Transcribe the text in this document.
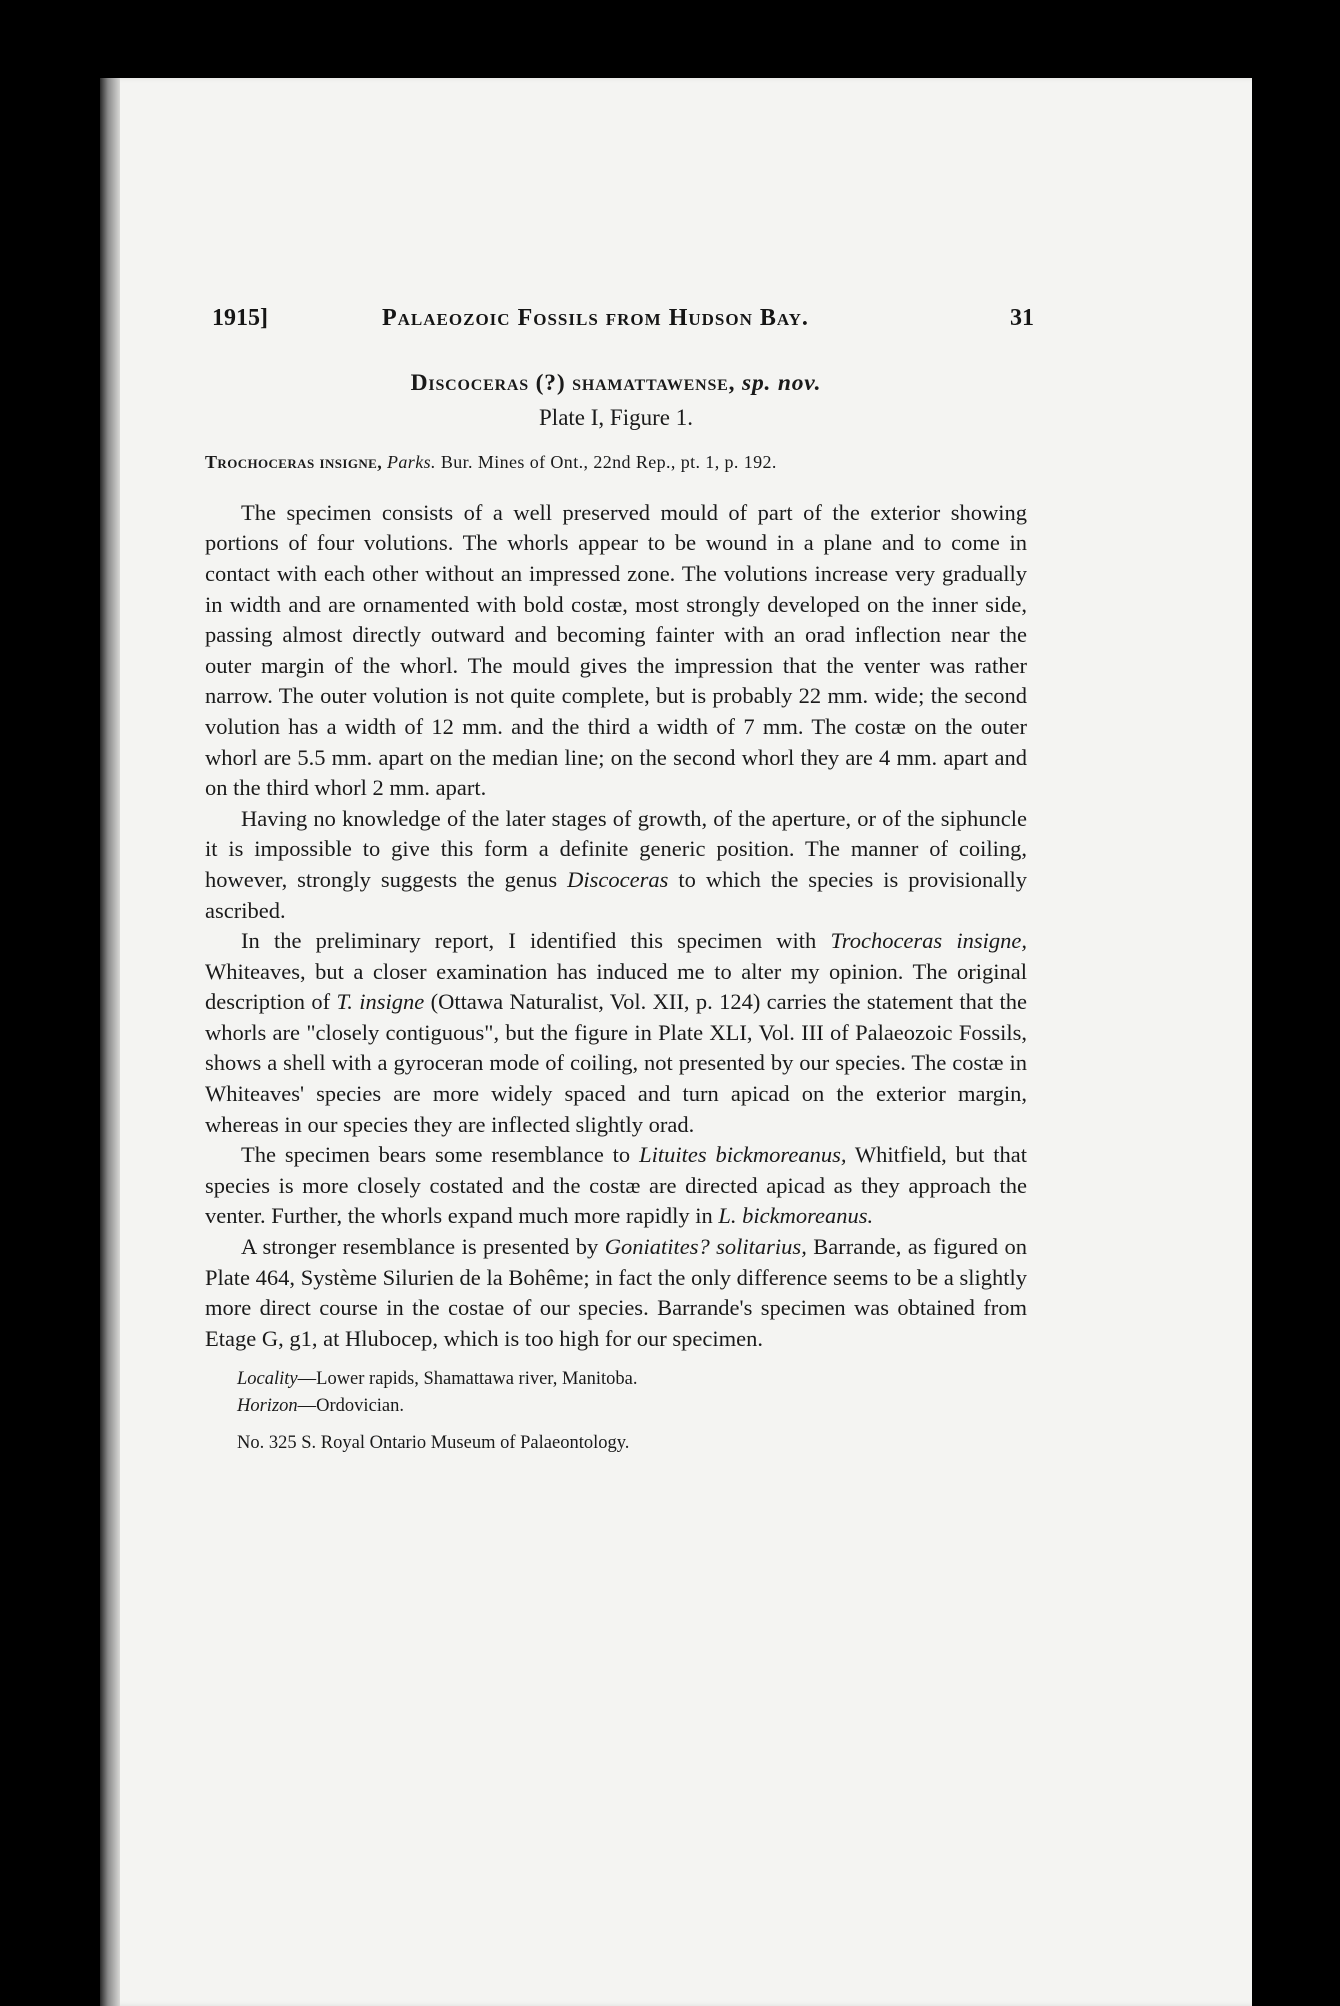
1915]	Palaeozoic Fossils from Hudson Bay.	31
Discoceras (?) shamattawense, sp. nov.
Plate I, Figure 1.
Trochoceras insigne, Parks. Bur. Mines of Ont., 22nd Rep., pt. 1, p. 192.

The specimen consists of a well preserved mould of part of the exterior showing portions of four volutions. The whorls appear to be wound in a plane and to come in contact with each other without an impressed zone. The volutions increase very gradually in width and are ornamented with bold costæ, most strongly developed on the inner side, passing almost directly outward and becoming fainter with an orad inflection near the outer margin of the whorl. The mould gives the impression that the venter was rather narrow. The outer volution is not quite complete, but is probably 22 mm. wide; the second volution has a width of 12 mm. and the third a width of 7 mm. The costæ on the outer whorl are 5.5 mm. apart on the median line; on the second whorl they are 4 mm. apart and on the third whorl 2 mm. apart.

Having no knowledge of the later stages of growth, of the aperture, or of the siphuncle it is impossible to give this form a definite generic position. The manner of coiling, however, strongly suggests the genus Discoceras to which the species is provisionally ascribed.

In the preliminary report, I identified this specimen with Trochoceras insigne, Whiteaves, but a closer examination has induced me to alter my opinion. The original description of T. insigne (Ottawa Naturalist, Vol. XII, p. 124) carries the statement that the whorls are "closely contiguous", but the figure in Plate XLI, Vol. III of Palaeozoic Fossils, shows a shell with a gyroceran mode of coiling, not presented by our species. The costæ in Whiteaves' species are more widely spaced and turn apicad on the exterior margin, whereas in our species they are inflected slightly orad.

The specimen bears some resemblance to Lituites bickmoreanus, Whitfield, but that species is more closely costated and the costæ are directed apicad as they approach the venter. Further, the whorls expand much more rapidly in L. bickmoreanus.

A stronger resemblance is presented by Goniatites? solitarius, Barrande, as figured on Plate 464, Système Silurien de la Bohême; in fact the only difference seems to be a slightly more direct course in the costae of our species. Barrande's specimen was obtained from Etage G, g1, at Hlubocep, which is too high for our specimen.

Locality—Lower rapids, Shamattawa river, Manitoba.

Horizon—Ordovician.

No. 325 S. Royal Ontario Museum of Palaeontology.
